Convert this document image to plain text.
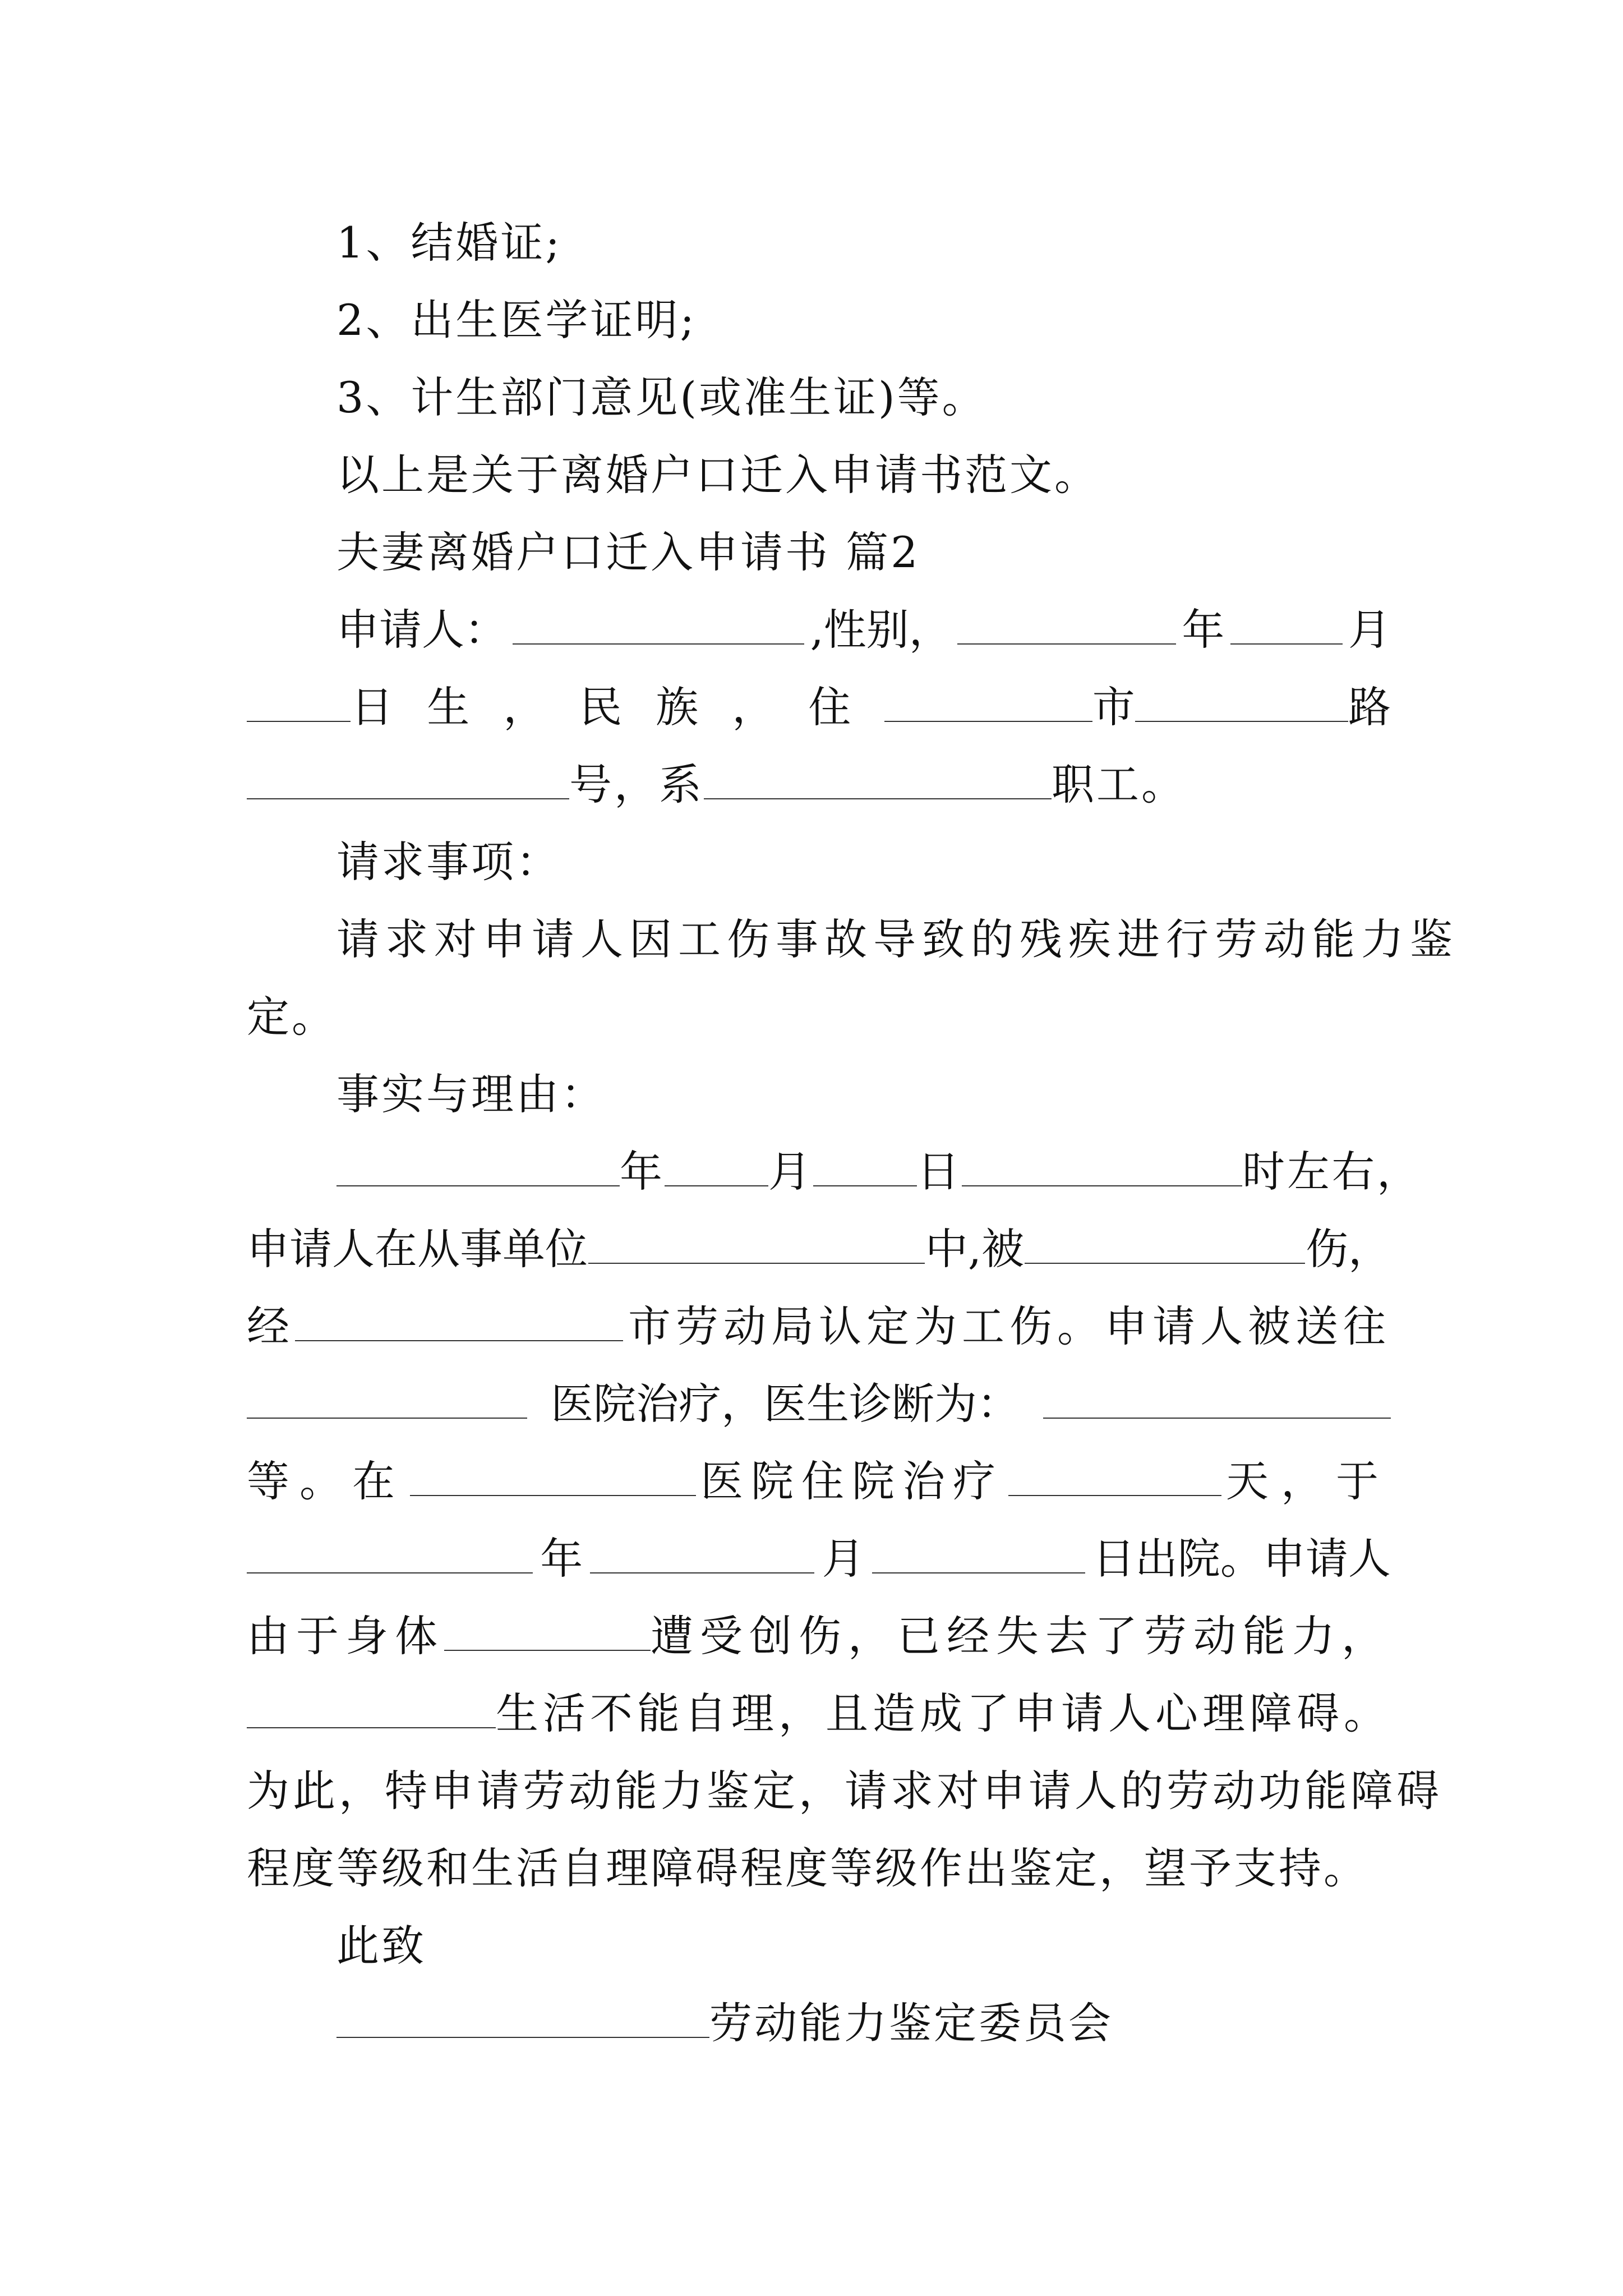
1、结婚证;
2、出生医学证明;
3、计生部门意见(或准生证)等。
以上是关于离婚户口迁入申请书范文。
夫妻离婚户口迁入申请书 篇2
申请人：	,性别，	年	月
日生，民族，住	市	路
号，系	职工。
请求事项：
请求对申请人因工伤事故导致的残疾进行劳动能力鉴
定。
事实与理由：
年 月 日	时左右，
申请人在从事单位	中,被	伤，
经	市劳动局认定为工伤。申请人被送往
医院治疗，医生诊断为：
等。在	医院住院治疗	天，于
年	月	日出院。申请人
由于身体	遭受创伤，已经失去了劳动能力，
生活不能自理，且造成了申请人心理障碍。
为此，特申请劳动能力鉴定，请求对申请人的劳动功能障碍
程度等级和生活自理障碍程度等级作出鉴定，望予支持。
此致
劳动能力鉴定委员会
